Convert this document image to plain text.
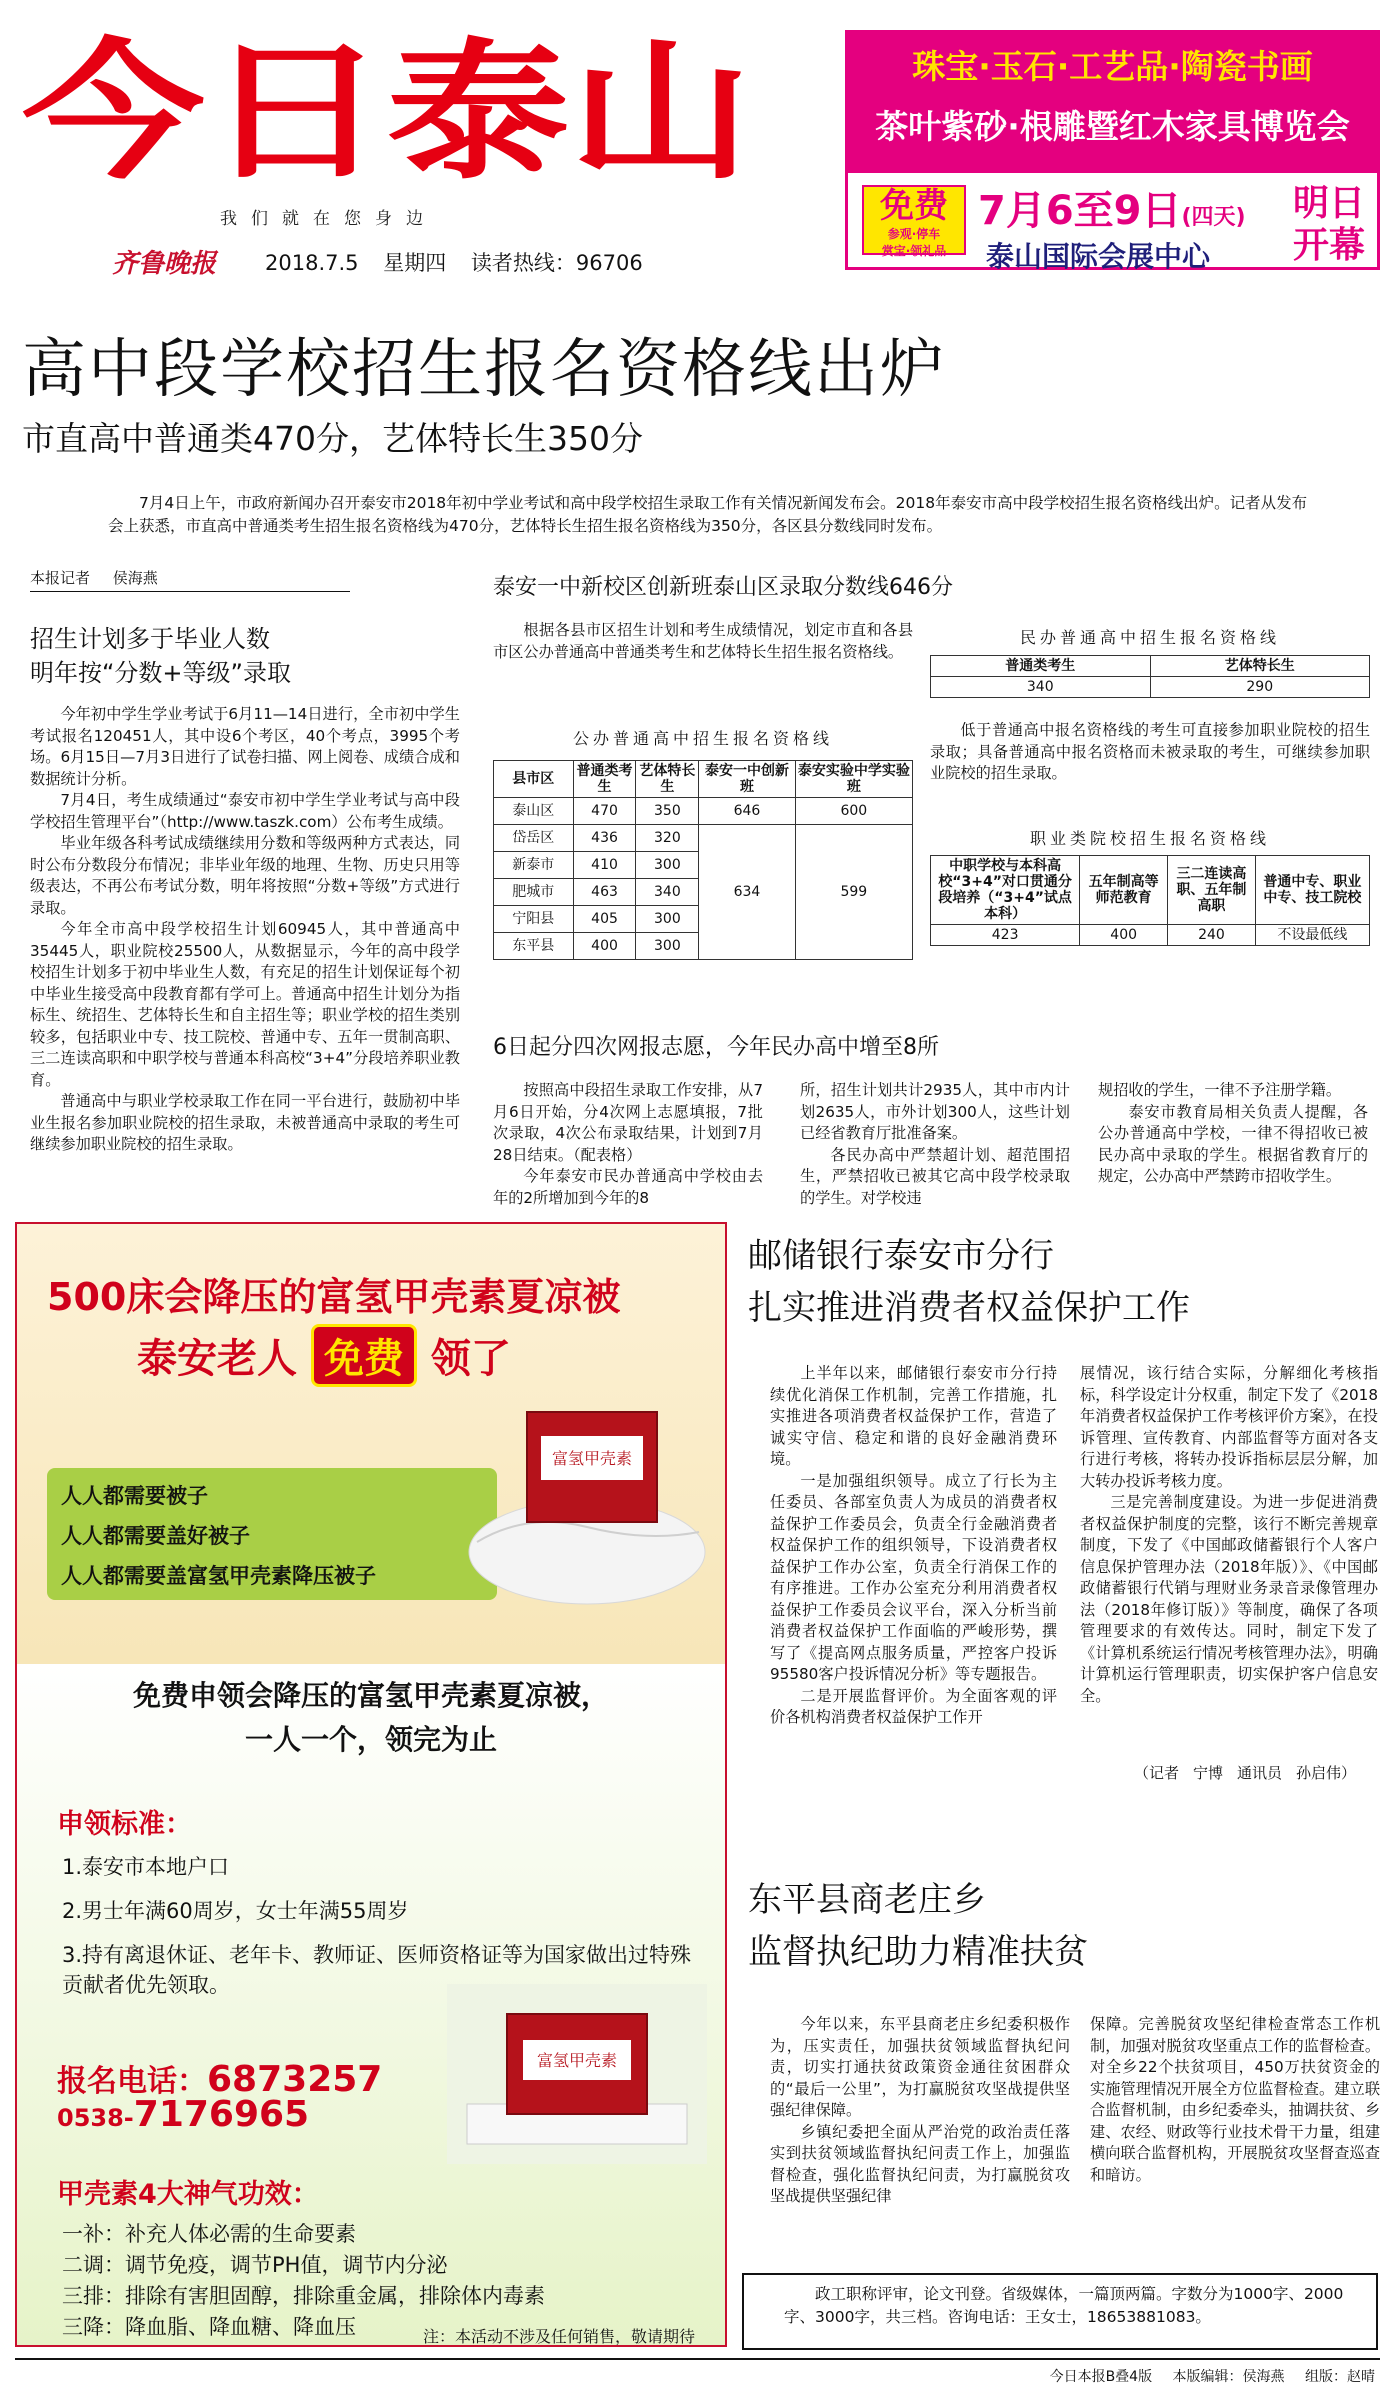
今日泰山
我们就在您身边
齐鲁晚报 2018.7.5 星期四 读者热线：96706
珠宝·玉石·工艺品·陶瓷书画
茶叶紫砂·根雕暨红木家具博览会
免费
参观·停车
赏宝·领礼品
7月6至9日(四天)
泰山国际会展中心
明日
开幕
高中段学校招生报名资格线出炉
市直高中普通类470分，艺体特长生350分
7月4日上午，市政府新闻办召开泰安市2018年初中学业考试和高中段学校招生录取工作有关情况新闻发布会。2018年泰安市高中段学校招生报名资格线出炉。记者从发布会上获悉，市直高中普通类考生招生报名资格线为470分，艺体特长生招生报名资格线为350分，各区县分数线同时发布。
本报记者 侯海燕
招生计划多于毕业人数
明年按“分数+等级”录取

今年初中学生学业考试于6月11—14日进行，全市初中学生考试报名120451人，其中设6个考区，40个考点，3995个考场。6月15日—7月3日进行了试卷扫描、网上阅卷、成绩合成和数据统计分析。

7月4日，考生成绩通过“泰安市初中学生学业考试与高中段学校招生管理平台”（http://www.taszk.com）公布考生成绩。

毕业年级各科考试成绩继续用分数和等级两种方式表达，同时公布分数段分布情况；非毕业年级的地理、生物、历史只用等级表达，不再公布考试分数，明年将按照“分数+等级”方式进行录取。

今年全市高中段学校招生计划60945人，其中普通高中35445人，职业院校25500人，从数据显示，今年的高中段学校招生计划多于初中毕业生人数，有充足的招生计划保证每个初中毕业生接受高中段教育都有学可上。普通高中招生计划分为指标生、统招生、艺体特长生和自主招生等；职业学校的招生类别较多，包括职业中专、技工院校、普通中专、五年一贯制高职、三二连读高职和中职学校与普通本科高校“3+4”分段培养职业教育。

普通高中与职业学校录取工作在同一平台进行，鼓励初中毕业生报名参加职业院校的招生录取，未被普通高中录取的考生可继续参加职业院校的招生录取。

泰安一中新校区创新班泰山区录取分数线646分

根据各县市区招生计划和考生成绩情况，划定市直和各县市区公办普通高中普通类考生和艺体特长生招生报名资格线。

公办普通高中招生报名资格线
县市区	普通类考生	艺体特长生	泰安一中创新班	泰安实验中学实验班
泰山区	470	350	646	600
岱岳区	436	320	634	599
新泰市	410	300		
肥城市	463	340		
宁阳县	405	300		
东平县	400	300		
民办普通高中招生报名资格线
普通类考生	艺体特长生
340	290

低于普通高中报名资格线的考生可直接参加职业院校的招生录取；具备普通高中报名资格而未被录取的考生，可继续参加职业院校的招生录取。

职业类院校招生报名资格线
中职学校与本科高校“3+4”对口贯通分段培养（“3+4”试点本科）	五年制高等师范教育	三二连读高职、五年制高职	普通中专、职业中专、技工院校
423	400	240	不设最低线
6日起分四次网报志愿，今年民办高中增至8所

按照高中段招生录取工作安排，从7月6日开始，分4次网上志愿填报，7批次录取，4次公布录取结果，计划到7月28日结束。（配表格）

今年泰安市民办普通高中学校由去年的2所增加到今年的8

所，招生计划共计2935人，其中市内计划2635人，市外计划300人，这些计划已经省教育厅批准备案。

各民办高中严禁超计划、超范围招生，严禁招收已被其它高中段学校录取的学生。对学校违

规招收的学生，一律不予注册学籍。

泰安市教育局相关负责人提醒，各公办普通高中学校，一律不得招收已被民办高中录取的学生。根据省教育厅的规定，公办高中严禁跨市招收学生。

500床会降压的富氢甲壳素夏凉被
泰安老人 免费 领了
人人都需要被子
人人都需要盖好被子
人人都需要盖富氢甲壳素降压被子
富氢甲壳素
免费申领会降压的富氢甲壳素夏凉被，
一人一个，领完为止
申领标准：
1.泰安市本地户口
2.男士年满60周岁，女士年满55周岁
3.持有离退休证、老年卡、教师证、医师资格证等为国家做出过特殊贡献者优先领取。
报名电话：6873257
0538-7176965
富氢甲壳素
甲壳素4大神气功效：
一补：补充人体必需的生命要素
二调：调节免疫，调节PH值，调节内分泌
三排：排除有害胆固醇，排除重金属，排除体内毒素
三降：降血脂、降血糖、降血压	注：本活动不涉及任何销售，敬请期待
邮储银行泰安市分行
扎实推进消费者权益保护工作

上半年以来，邮储银行泰安市分行持续优化消保工作机制，完善工作措施，扎实推进各项消费者权益保护工作，营造了诚实守信、稳定和谐的良好金融消费环境。

一是加强组织领导。成立了行长为主任委员、各部室负责人为成员的消费者权益保护工作委员会，负责全行金融消费者权益保护工作的组织领导，下设消费者权益保护工作办公室，负责全行消保工作的有序推进。工作办公室充分利用消费者权益保护工作委员会议平台，深入分析当前消费者权益保护工作面临的严峻形势，撰写了《提高网点服务质量，严控客户投诉95580客户投诉情况分析》等专题报告。

二是开展监督评价。为全面客观的评价各机构消费者权益保护工作开

展情况，该行结合实际，分解细化考核指标，科学设定计分权重，制定下发了《2018年消费者权益保护工作考核评价方案》，在投诉管理、宣传教育、内部监督等方面对各支行进行考核，将转办投诉指标层层分解，加大转办投诉考核力度。

三是完善制度建设。为进一步促进消费者权益保护制度的完整，该行不断完善规章制度，下发了《中国邮政储蓄银行个人客户信息保护管理办法（2018年版）》、《中国邮政储蓄银行代销与理财业务录音录像管理办法（2018年修订版）》等制度，确保了各项管理要求的有效传达。同时，制定下发了《计算机系统运行情况考核管理办法》，明确计算机运行管理职责，切实保护客户信息安全。

（记者 宁博 通讯员 孙启伟）
东平县商老庄乡
监督执纪助力精准扶贫

今年以来，东平县商老庄乡纪委积极作为，压实责任，加强扶贫领域监督执纪问责，切实打通扶贫政策资金通往贫困群众的“最后一公里”，为打赢脱贫攻坚战提供坚强纪律保障。

乡镇纪委把全面从严治党的政治责任落实到扶贫领域监督执纪问责工作上，加强监督检查，强化监督执纪问责，为打赢脱贫攻坚战提供坚强纪律

保障。完善脱贫攻坚纪律检查常态工作机制，加强对脱贫攻坚重点工作的监督检查。对全乡22个扶贫项目，450万扶贫资金的实施管理情况开展全方位监督检查。建立联合监督机制，由乡纪委牵头，抽调扶贫、乡建、农经、财政等行业技术骨干力量，组建横向联合监督机构，开展脱贫攻坚督查巡查和暗访。

政工职称评审，论文刊登。省级媒体，一篇顶两篇。字数分为1000字、2000字、3000字，共三档。咨询电话：王女士，18653881083。

今日本报B叠4版 本版编辑：侯海燕 组版：赵晴
